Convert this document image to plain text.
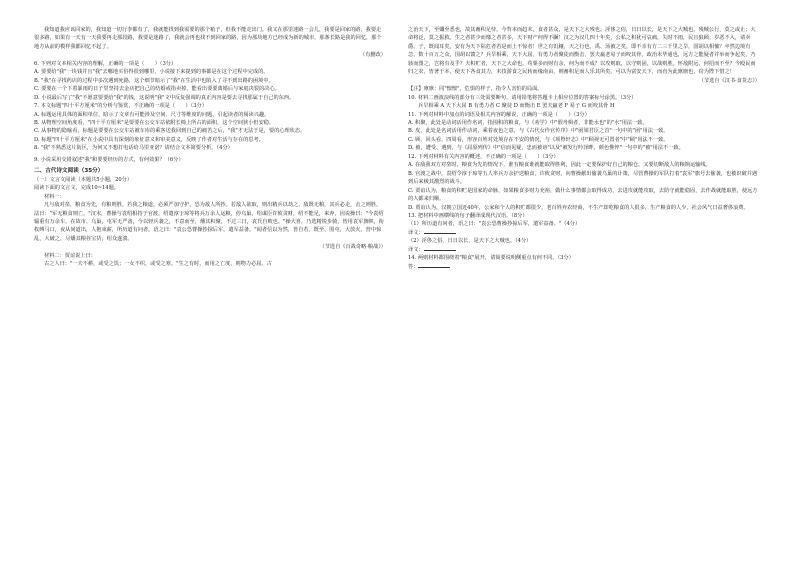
我知道我应该回家的，我知道一切行李都有了，我就能找到我需要的那个箱子，但我不能走出门。我又在那里迷路一会儿，我要是回家的路，我要走很多路，如果有一天有一天我要再走那段路，我要是迷路了，我就会再也找不到回家的路，因为那块地方已经成为新的城市，那条长路是我的回忆，那个地方从前的模样我都回忆不起了。

（有删改）

6. 下列对文本相关内容的理解，正确的一项是（　　）（3分）

A. 要要给"我"一块钱并且"我"去哪地买俗得很到哪里，小说接下来提到的事都是在这个过程中完成的。

B. "我"在寻找药店的过程中多次遇到死路，这个细节暗示了"我"在生活中也陷入了寻不到出路的困境中。

C. 要要在一个下着暴雨的日子里坚持去金店把自己的结婚戒指卖掉，能看出要要离婚后与家庭决裂的决心。

D. 小说最后写了"我"不愿意要要给"我"的钱，这说明"我"文中反复强调的真正内容是要去寻找那属于自己的东西。

7. 本文标题"四十平方厘米"的分析与鉴赏，不正确的一项是（　　）（3分）

A. 标题运用具体的面积单位，暗示了文章有可能涉及空间、尺寸等维度的问题，引起读者的阅读兴趣。

B. 从物理空间角度看，"四十平方厘米"是要要在公交车站依附长椅上所占的面积，这个空间狭小但安稳。

C. 从事物的隐喻看，标题是要要在公交车站被车库的乘客送我回到自己的痛苦之后，"我"才无法于是，要的心理状态。

D. 标题"四十平方厘米"在小说中具有深刻的象征意义和审美意义，反映了作者对生活与存在的思考。

8. "我"不熟悉这片街区，为何又不想打电话给马里亚诺？请结合文本简要分析。（4分）

9. 小说采用交错叙述"我"和要要经历的方式，有何效果？（6分）

二、古代诗文阅读（35分）

（一）文言文阅读（本题共5小题，20分）

阅读下面的文言文，完成10~14题。

材料一：

凡与敌对垒，粮食为先，有粮则胜。若我之粮道，必须严加守护，恐为敌人所抄。若敌人欲取，则出精兵以劫之，敌既无粮，其兵必走，击之则胜。法曰："军无粮食则亡。"汉末，曹操与袁绍相持于官渡。绍遣淳于琼等将兵万余人运粮，停乌巢，绍谋臣许攸贪财，绍不能足，来奔，因说操曰："今袁绍辎重有万余车，在故市、乌巢，屯军无严备，今以轻兵袭之，不意而至，燔其积聚，不过三日，袁氏自败也。"操大喜，乃选精锐步骑，皆用袁军旗帜，衔枚缚马口，夜从间道出，人抱束薪，所历道有问者，语之曰："袁公恐曹操抄掠后军，遣军益备。"闻者信以为然，皆自若。既至，围屯，大放火，营中惊乱，大破之，尽燔其粮谷宝货，绍众遂溃。

（节选自《百战奇略·粮战》）

材料二：贾谊说上曰：

古之人曰："一夫不耕，或受之饥；一女不织，或受之寒。"生之有时，而用之亡度，则物力必屈。古

之治天下，至孅至悉也，故其畜积足恃。今背本而趋末，食者甚众，是天下之大残也。淫侈之俗，日日以长，是天下之大贼也。残贼公行，莫之或止；大命将泛，莫之振救。生之者甚少而靡之者甚多，天下财产何得不蹶！汉之为汉几四十年矣，公私之积犹可哀痛。失时不雨，民且狼顾；岁恶不入，请卖爵、子，既闻耳矣，安有为天下阽危者若是而上不惊者！世之有饥穰，天之行也，禹、汤被之矣。即不幸有方二三千里之旱，国胡以相恤？卒然边境有急，数十百万之众，国胡以馈之？兵旱相乘，天下大屈，有勇力者聚徒而衡击，罢夫羸老易子而咬其骨。政治未毕通也，远方之能疑者并举而争起矣，乃骇而图之，岂将有及乎？夫积贮者，天下之大命也。苟粟多而财有余，何为而不成？以攻则取，以守则固，以战则胜。怀敌附远，何招而不至？今殴民而归之农，皆著于本，使天下各食其力，末技游食之民转而缘南亩，则畜积足而人乐其所矣。可以为富安天下，而直为此廪廪也，窃为陛下惜之！

（节选自《汉书·食货志》）

【注】廪廪：同"懔懔"，危惧的样子，指令人害怕的局面。

10. 材料二画波浪线的部分有三处需要断句，请用铅笔将答题卡上相应位置的答案标号涂黑。（3分）

兵旱相乘 A 天下大屈 B 有勇力者 C 聚徒 D 而衡击 E 罢夫羸老 F 易子 G 而咬其骨 H

11. 下列对材料中加点的词语及相关内容的解说，正确的一项是（　　）（3分）

A. 积聚，此处是动词活用作名词，指囤积的粮食，与《劝学》中"假舟楫者，非能水也"的"水"用法一致。

B. 皮，此处是名词活用作动词，乘着夜色之意，与《古代女伶官传序》中"函梁君臣之首"一句中的"函"用法一致。

C. 顾，回头看、四周看，形容百姓对处境存在不安的情况，与《项脊轩志》中"顾视无可置者"中"顾"用法不一致。

D. 被，遭受、遇到，与《屈原列传》中"信而见疑，忠而被谤"以及"被发行吟泽畔，颜色憔悴"一句中的"被"用法不一致。

12. 下列对材料有关内容的概述，不正确的一项是（　　）（3分）

A. 在敌我双方对垒时，粮食为先的情况下，谁有粮食谁就能取得胜利，因此一定要保护好自己的粮仓，又要切断敌人的粮饷运输线。

B. 官渡之战中，袁绍令淳于琼等五人率兵万余护送粮食，许攸贪财，向曹操献出偷袭乌巢的计策，尽管曹操的军队打着"袁军"旗号去偷袭，也被识破并遇到后来极其激烈的战斗。

C. 贾谊认为，粮食的积贮是国家的命脉，如果粮食多财力充裕，做什么事情都会取得成功，去进攻就能攻取，去防守就能稳固，去作战就能取胜，使远方的人都来归顺。

D. 贾谊认为，汉朝立国近40年，公家和个人的积贮都很少，老百姓弃农经商，不生产却吃粮食的人很多，生产粮食的人少，社会风气日益奢侈浪费。

13. 把材料中画横线的句子翻译成现代汉语。（8分）

（1）所历道有问者，语之曰："袁公恐曹操抄掠后军，遣军益备。"（4分）

译文：

（2）淫侈之俗，日日以长，是天下之大贼也。（4分）

译文：

14. 两则材料都围绕着"粮食"展开，请简要说明侧重点有何不同。（3分）

答：
